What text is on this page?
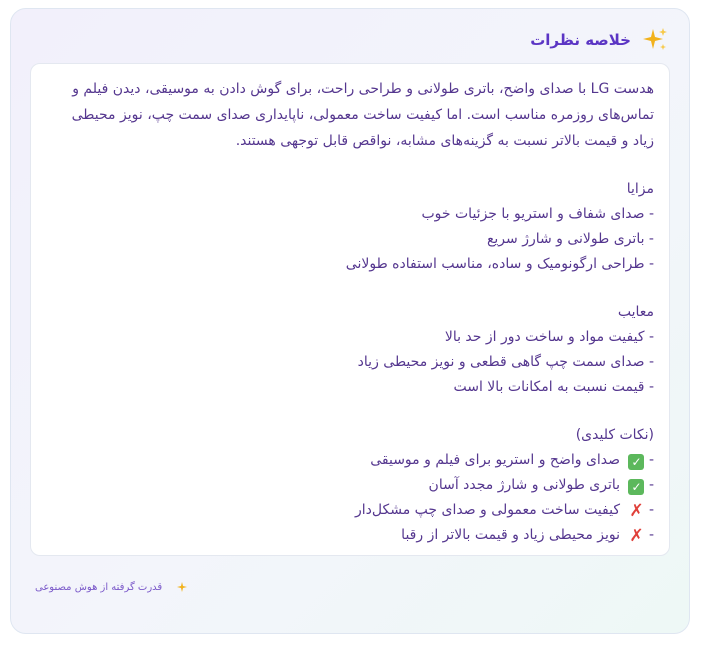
خلاصه نظرات

هدست LG با صدای واضح، باتری طولانی و طراحی راحت، برای گوش دادن به موسیقی، دیدن فیلم و تماس‌های روزمره مناسب است. اما کیفیت ساخت معمولی، ناپایداری صدای سمت چپ، نویز محیطی زیاد و قیمت بالاتر نسبت به گزینه‌های مشابه، نواقص قابل توجهی هستند.

مزایا
- صدای شفاف و استریو با جزئیات خوب
- باتری طولانی و شارژ سریع
- طراحی ارگونومیک و ساده، مناسب استفاده طولانی
معایب
- کیفیت مواد و ساخت دور از حد بالا
- صدای سمت چپ گاهی قطعی و نویز محیطی زیاد
- قیمت نسبت به امکانات بالا است
(نکات کلیدی)
- ✓ صدای واضح و استریو برای فیلم و موسیقی
- ✓ باتری طولانی و شارژ مجدد آسان
- ✗ کیفیت ساخت معمولی و صدای چپ مشکل‌دار
- ✗ نویز محیطی زیاد و قیمت بالاتر از رقبا
قدرت گرفته از هوش مصنوعی
